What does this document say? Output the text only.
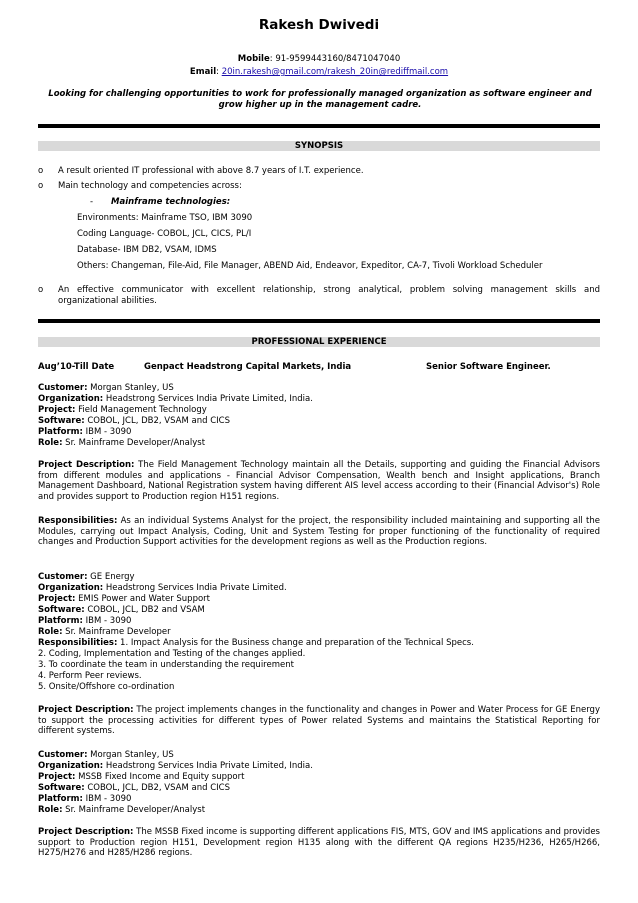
Rakesh Dwivedi
Mobile: 91-9599443160/8471047040
Email: 20in.rakesh@gmail.com/rakesh_20in@rediffmail.com
Looking for challenging opportunities to work for professionally managed organization as software engineer and grow higher up in the management cadre.
SYNOPSIS
o A result oriented IT professional with above 8.7 years of I.T. experience.
o Main technology and competencies across:
- Mainframe technologies:
Environments: Mainframe TSO, IBM 3090
Coding Language- COBOL, JCL, CICS, PL/I
Database- IBM DB2, VSAM, IDMS
Others: Changeman, File-Aid, File Manager, ABEND Aid, Endeavor, Expeditor, CA-7, Tivoli Workload Scheduler
o An effective communicator with excellent relationship, strong analytical, problem solving management skills and organizational abilities.
PROFESSIONAL EXPERIENCE
Aug’10-Till Date	Genpact Headstrong Capital Markets, India	Senior Software Engineer.
Customer: Morgan Stanley, US
Organization: Headstrong Services India Private Limited, India.
Project: Field Management Technology
Software: COBOL, JCL, DB2, VSAM and CICS
Platform: IBM - 3090
Role: Sr. Mainframe Developer/Analyst
Project Description: The Field Management Technology maintain all the Details, supporting and guiding the Financial Advisors from different modules and applications - Financial Advisor Compensation, Wealth bench and Insight applications, Branch Management Dashboard, National Registration system having different AIS level access according to their (Financial Advisor's) Role and provides support to Production region H151 regions.
Responsibilities: As an individual Systems Analyst for the project, the responsibility included maintaining and supporting all the Modules, carrying out Impact Analysis, Coding, Unit and System Testing for proper functioning of the functionality of required changes and Production Support activities for the development regions as well as the Production regions.
Customer: GE Energy
Organization: Headstrong Services India Private Limited.
Project: EMIS Power and Water Support
Software: COBOL, JCL, DB2 and VSAM
Platform: IBM - 3090
Role: Sr. Mainframe Developer
Responsibilities: 1. Impact Analysis for the Business change and preparation of the Technical Specs.
2. Coding, Implementation and Testing of the changes applied.
3. To coordinate the team in understanding the requirement
4. Perform Peer reviews.
5. Onsite/Offshore co-ordination
Project Description: The project implements changes in the functionality and changes in Power and Water Process for GE Energy to support the processing activities for different types of Power related Systems and maintains the Statistical Reporting for different systems.
Customer: Morgan Stanley, US
Organization: Headstrong Services India Private Limited, India.
Project: MSSB Fixed Income and Equity support
Software: COBOL, JCL, DB2, VSAM and CICS
Platform: IBM - 3090
Role: Sr. Mainframe Developer/Analyst
Project Description: The MSSB Fixed income is supporting different applications FIS, MTS, GOV and IMS applications and provides support to Production region H151, Development region H135 along with the different QA regions H235/H236, H265/H266, H275/H276 and H285/H286 regions.
